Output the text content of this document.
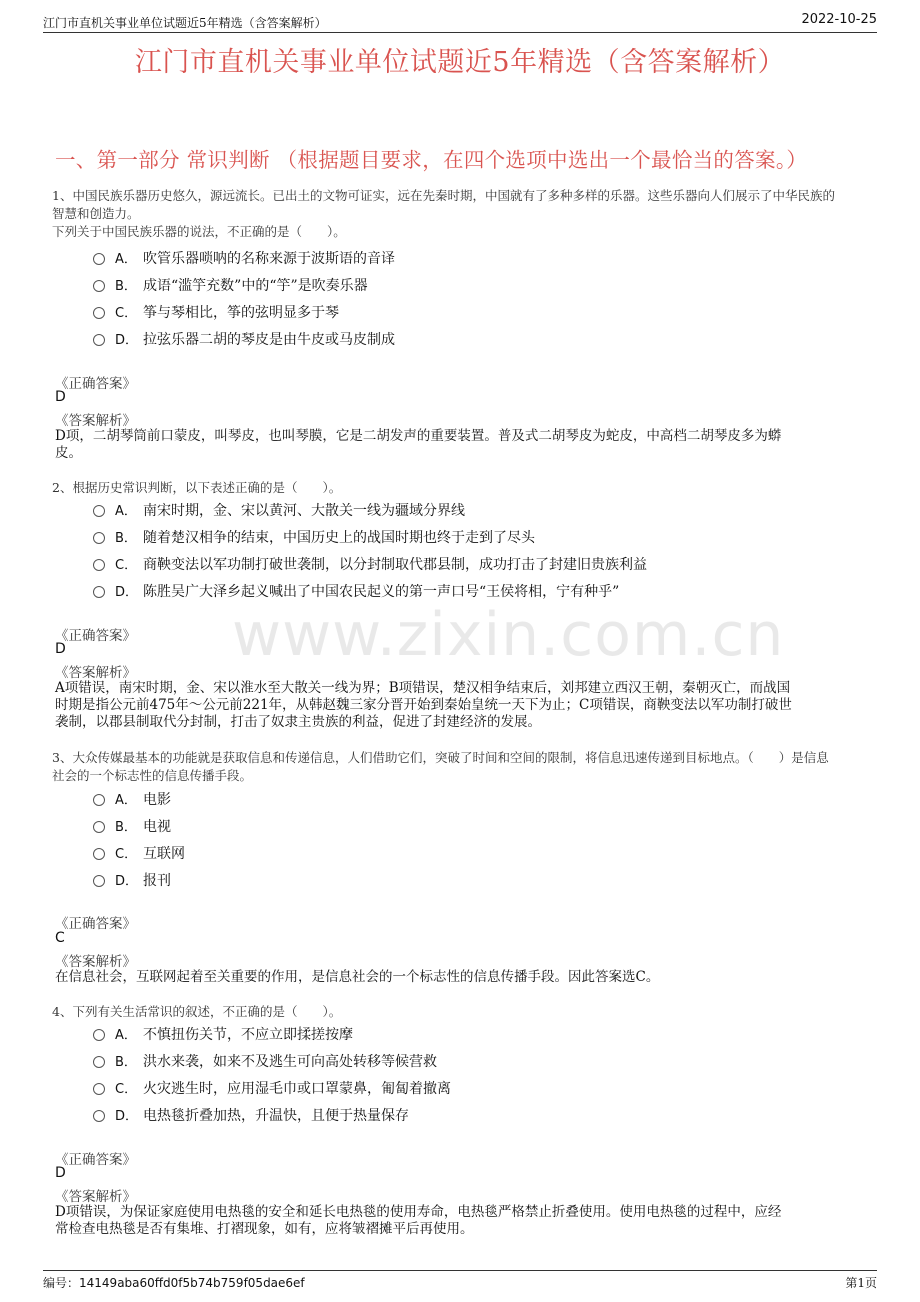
江门市直机关事业单位试题近5年精选（含答案解析）	2022-10-25
江门市直机关事业单位试题近5年精选（含答案解析）
一、第一部分 常识判断 （根据题目要求，在四个选项中选出一个最恰当的答案。）
www.zixin.com.cn
1、中国民族乐器历史悠久，源远流长。已出土的文物可证实，远在先秦时期，中国就有了多种多样的乐器。这些乐器向人们展示了中华民族的
智慧和创造力。
下列关于中国民族乐器的说法，不正确的是（　　）。
A． 吹管乐器唢呐的名称来源于波斯语的音译
B． 成语“滥竽充数”中的“竽”是吹奏乐器
C． 筝与琴相比，筝的弦明显多于琴
D． 拉弦乐器二胡的琴皮是由牛皮或马皮制成
《正确答案》
D
《答案解析》
D项，二胡琴筒前口蒙皮，叫琴皮，也叫琴膜，它是二胡发声的重要装置。普及式二胡琴皮为蛇皮，中高档二胡琴皮多为蟒
皮。
2、根据历史常识判断，以下表述正确的是（　　）。
A． 南宋时期，金、宋以黄河、大散关一线为疆域分界线
B． 随着楚汉相争的结束，中国历史上的战国时期也终于走到了尽头
C． 商鞅变法以军功制打破世袭制，以分封制取代郡县制，成功打击了封建旧贵族利益
D． 陈胜吴广大泽乡起义喊出了中国农民起义的第一声口号“王侯将相，宁有种乎”
《正确答案》
D
《答案解析》
A项错误，南宋时期，金、宋以淮水至大散关一线为界；B项错误，楚汉相争结束后，刘邦建立西汉王朝，秦朝灭亡，而战国
时期是指公元前475年～公元前221年，从韩赵魏三家分晋开始到秦始皇统一天下为止；C项错误，商鞅变法以军功制打破世
袭制，以郡县制取代分封制，打击了奴隶主贵族的利益，促进了封建经济的发展。
3、大众传媒最基本的功能就是获取信息和传递信息，人们借助它们，突破了时间和空间的限制，将信息迅速传递到目标地点。（　　）是信息
社会的一个标志性的信息传播手段。
A． 电影
B． 电视
C． 互联网
D． 报刊
《正确答案》
C
《答案解析》
在信息社会，互联网起着至关重要的作用，是信息社会的一个标志性的信息传播手段。因此答案选C。
4、下列有关生活常识的叙述，不正确的是（　　）。
A． 不慎扭伤关节，不应立即揉搓按摩
B． 洪水来袭，如来不及逃生可向高处转移等候营救
C． 火灾逃生时，应用湿毛巾或口罩蒙鼻，匍匐着撤离
D． 电热毯折叠加热，升温快，且便于热量保存
《正确答案》
D
《答案解析》
D项错误，为保证家庭使用电热毯的安全和延长电热毯的使用寿命，电热毯严格禁止折叠使用。使用电热毯的过程中，应经
常检查电热毯是否有集堆、打褶现象，如有，应将皱褶摊平后再使用。
编号：14149aba60ffd0f5b74b759f05dae6ef	第1页
